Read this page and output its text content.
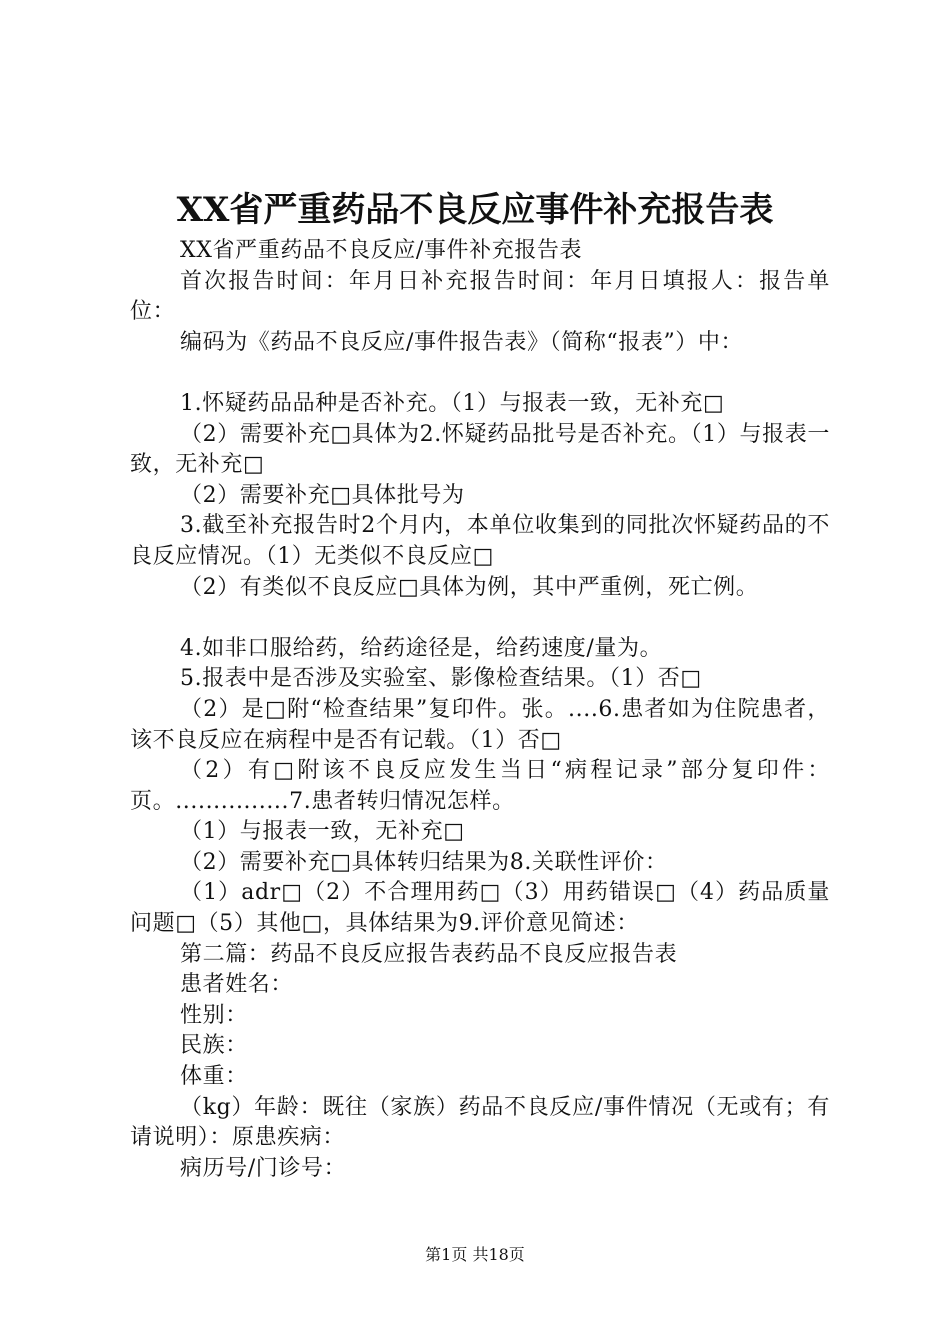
XX省严重药品不良反应事件补充报告表

XX省严重药品不良反应/事件补充报告表

首次报告时间：年月日补充报告时间：年月日填报人：报告单位：

编码为《药品不良反应/事件报告表》（简称“报表”）中：

1.怀疑药品品种是否补充。（1）与报表一致，无补充□

（2）需要补充□具体为2.怀疑药品批号是否补充。（1）与报表一致，无补充□

（2）需要补充□具体批号为

3.截至补充报告时2个月内，本单位收集到的同批次怀疑药品的不良反应情况。（1）无类似不良反应□

（2）有类似不良反应□具体为例，其中严重例，死亡例。

4.如非口服给药，给药途径是，给药速度/量为。

5.报表中是否涉及实验室、影像检查结果。（1）否□

（2）是□附“检查结果”复印件。张。....6.患者如为住院患者，该不良反应在病程中是否有记载。（1）否□

（2）有□附该不良反应发生当日“病程记录”部分复印件：页。...............7.患者转归情况怎样。

（1）与报表一致，无补充□

（2）需要补充□具体转归结果为8.关联性评价：

（1）adr□（2）不合理用药□（3）用药错误□（4）药品质量问题□（5）其他□，具体结果为9.评价意见简述：

第二篇：药品不良反应报告表药品不良反应报告表

患者姓名：

性别：

民族：

体重：

（kg）年龄：既往（家族）药品不良反应/事件情况（无或有；有请说明）：原患疾病：

病历号/门诊号：

第1页 共18页
